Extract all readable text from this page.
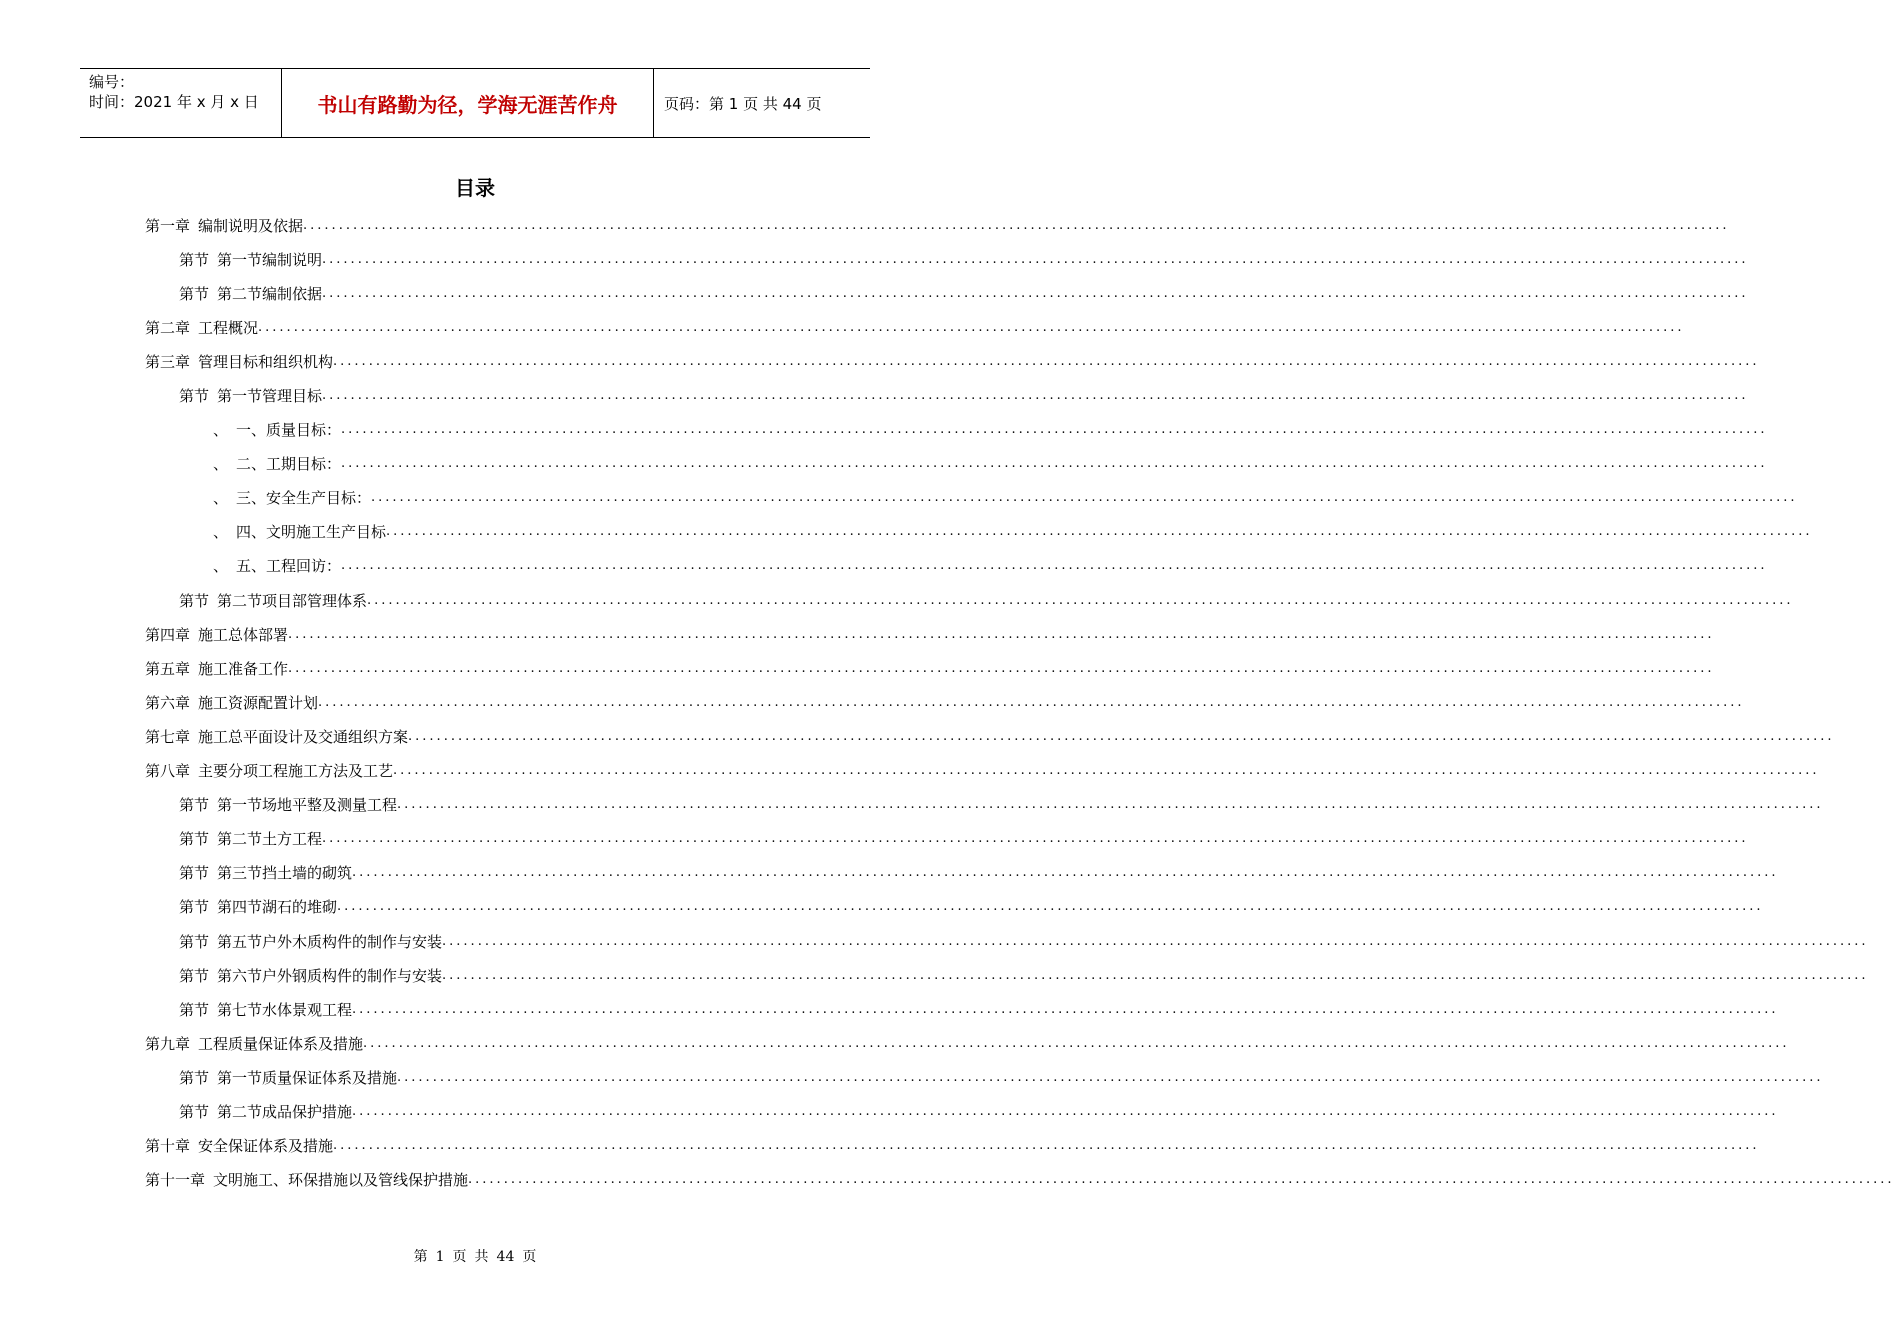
编号：
时间：2021 年 x 月 x 日	书山有路勤为径，学海无涯苦作舟	页码：第 1 页 共 44 页
目录
第一章 编制说明及依据 ........................................................................................................................................................................................................
第节 第一节编制说明 ........................................................................................................................................................................................................
第节 第二节编制依据 ........................................................................................................................................................................................................
第二章 工程概况 ........................................................................................................................................................................................................
第三章 管理目标和组织机构 ........................................................................................................................................................................................................
第节 第一节管理目标 ........................................................................................................................................................................................................
、 一、质量目标： ........................................................................................................................................................................................................
、 二、工期目标： ........................................................................................................................................................................................................
、 三、安全生产目标： ........................................................................................................................................................................................................
、 四、文明施工生产目标 ........................................................................................................................................................................................................
、 五、工程回访： ........................................................................................................................................................................................................
第节 第二节项目部管理体系 ........................................................................................................................................................................................................
第四章 施工总体部署 ........................................................................................................................................................................................................
第五章 施工准备工作 ........................................................................................................................................................................................................
第六章 施工资源配置计划 ........................................................................................................................................................................................................
第七章 施工总平面设计及交通组织方案 ........................................................................................................................................................................................................
第八章 主要分项工程施工方法及工艺 ........................................................................................................................................................................................................
第节 第一节场地平整及测量工程 ........................................................................................................................................................................................................
第节 第二节土方工程 ........................................................................................................................................................................................................
第节 第三节挡土墙的砌筑 ........................................................................................................................................................................................................
第节 第四节湖石的堆砌 ........................................................................................................................................................................................................
第节 第五节户外木质构件的制作与安装 ........................................................................................................................................................................................................
第节 第六节户外钢质构件的制作与安装 ........................................................................................................................................................................................................
第节 第七节水体景观工程 ........................................................................................................................................................................................................
第九章 工程质量保证体系及措施 ........................................................................................................................................................................................................
第节 第一节质量保证体系及措施 ........................................................................................................................................................................................................
第节 第二节成品保护措施 ........................................................................................................................................................................................................
第十章 安全保证体系及措施 ........................................................................................................................................................................................................
第十一章 文明施工、环保措施以及管线保护措施 ........................................................................................................................................................................................................
第 1 页 共 44 页
